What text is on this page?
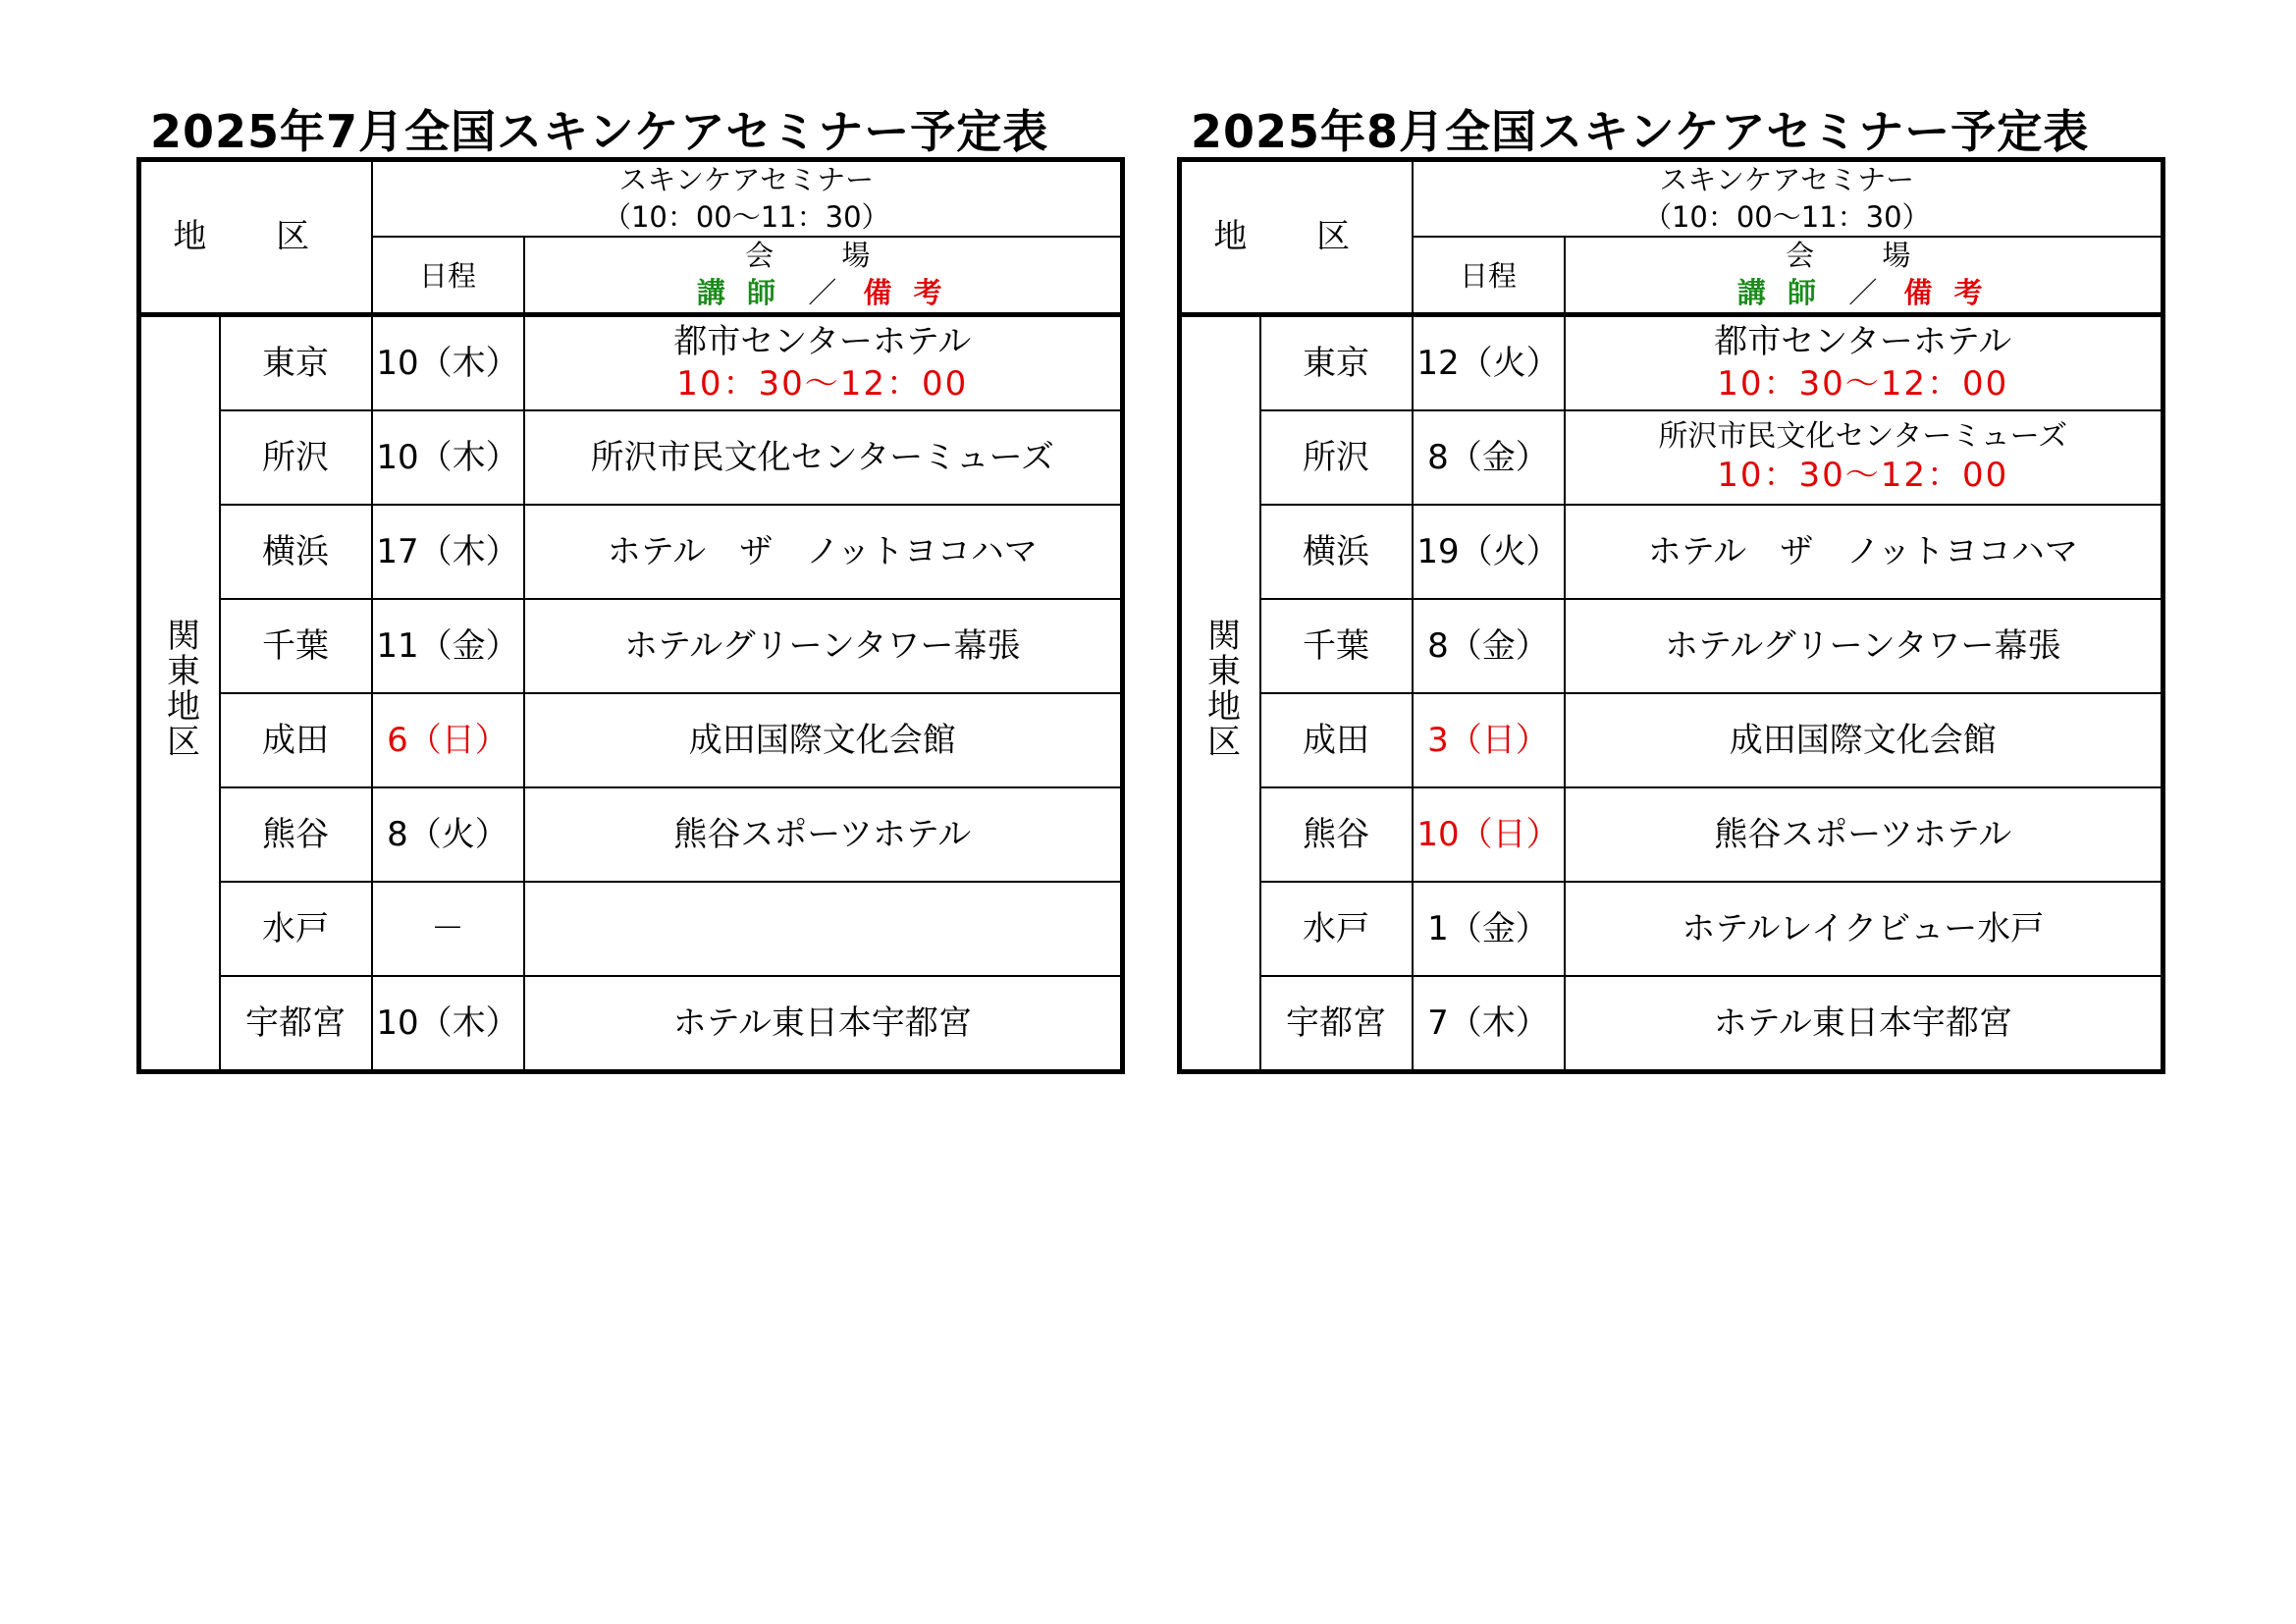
2025年7月全国スキンケアセミナー予定表
地 区		スキンケアセミナー
（10：00～11：30）	

		日程	会 場
講 師 ／ 備 考

関東地区	東京	10（木）	都市センターホテル
10：30～12：00

	所沢	10（木）	所沢市民文化センターミューズ

	横浜	17（木）	ホテル　ザ　ノットヨコハマ

	千葉	11（金）	ホテルグリーンタワー幕張

	成田	6（日）	成田国際文化会館

	熊谷	8（火）	熊谷スポーツホテル

	水戸	－	

	宇都宮	10（木）	ホテル東日本宇都宮
2025年8月全国スキンケアセミナー予定表
地 区		スキンケアセミナー
（10：00～11：30）	

		日程	会 場
講 師 ／ 備 考

関東地区	東京	12（火）	都市センターホテル
10：30～12：00

	所沢	8（金）	所沢市民文化センターミューズ
10：30～12：00

	横浜	19（火）	ホテル　ザ　ノットヨコハマ

	千葉	8（金）	ホテルグリーンタワー幕張

	成田	3（日）	成田国際文化会館

	熊谷	10（日）	熊谷スポーツホテル

	水戸	1（金）	ホテルレイクビュー水戸

	宇都宮	7（木）	ホテル東日本宇都宮
